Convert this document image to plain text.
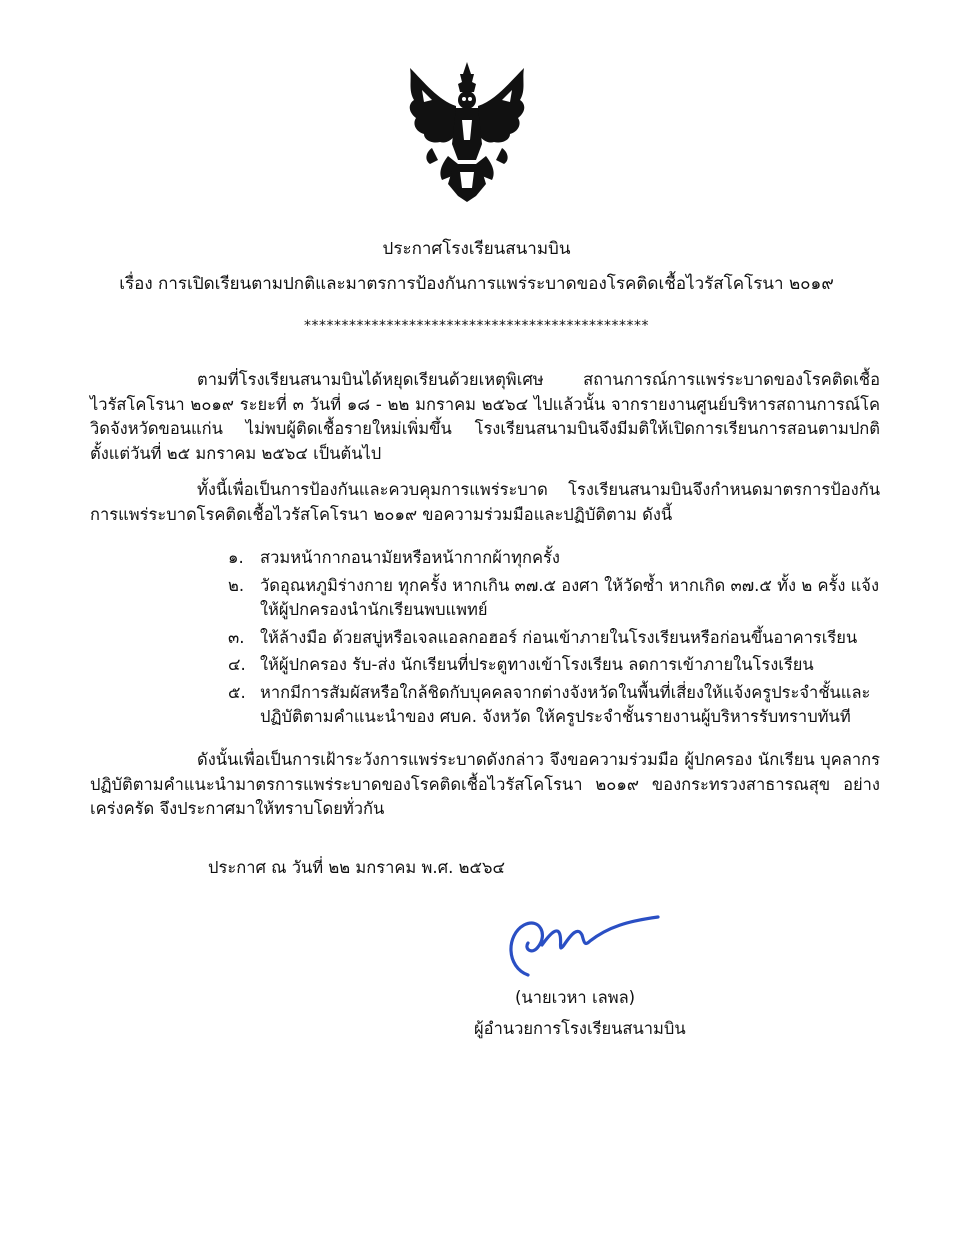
ประกาศโรงเรียนสนามบิน
เรื่อง การเปิดเรียนตามปกติและมาตรการป้องกันการแพร่ระบาดของโรคติดเชื้อไวรัสโคโรนา ๒๐๑๙
**********************************************
ตามที่โรงเรียนสนามบินได้หยุดเรียนด้วยเหตุพิเศษ สถานการณ์การแพร่ระบาดของโรคติดเชื้อไวรัสโคโรนา ๒๐๑๙ ระยะที่ ๓ วันที่ ๑๘ - ๒๒ มกราคม ๒๕๖๔ ไปแล้วนั้น จากรายงานศูนย์บริหารสถานการณ์โควิดจังหวัดขอนแก่น ไม่พบผู้ติดเชื้อรายใหม่เพิ่มขึ้น โรงเรียนสนามบินจึงมีมติให้เปิดการเรียนการสอนตามปกติ ตั้งแต่วันที่ ๒๕ มกราคม ๒๕๖๔ เป็นต้นไป
ทั้งนี้เพื่อเป็นการป้องกันและควบคุมการแพร่ระบาด โรงเรียนสนามบินจึงกำหนดมาตรการป้องกันการแพร่ระบาดโรคติดเชื้อไวรัสโคโรนา ๒๐๑๙ ขอความร่วมมือและปฏิบัติตาม ดังนี้
๑. สวมหน้ากากอนามัยหรือหน้ากากผ้าทุกครั้ง
๒. วัดอุณหภูมิร่างกาย ทุกครั้ง หากเกิน ๓๗.๕ องศา ให้วัดซ้ำ หากเกิด ๓๗.๕ ทั้ง ๒ ครั้ง แจ้งให้ผู้ปกครองนำนักเรียนพบแพทย์
๓. ให้ล้างมือ ด้วยสบู่หรือเจลแอลกอฮอร์ ก่อนเข้าภายในโรงเรียนหรือก่อนขึ้นอาคารเรียน
๔. ให้ผู้ปกครอง รับ-ส่ง นักเรียนที่ประตูทางเข้าโรงเรียน ลดการเข้าภายในโรงเรียน
๕. หากมีการสัมผัสหรือใกล้ชิดกับบุคคลจากต่างจังหวัดในพื้นที่เสี่ยงให้แจ้งครูประจำชั้นและปฏิบัติตามคำแนะนำของ ศบค. จังหวัด ให้ครูประจำชั้นรายงานผู้บริหารรับทราบทันที
ดังนั้นเพื่อเป็นการเฝ้าระวังการแพร่ระบาดดังกล่าว จึงขอความร่วมมือ ผู้ปกครอง นักเรียน บุคลากร ปฏิบัติตามคำแนะนำมาตรการแพร่ระบาดของโรคติดเชื้อไวรัสโคโรนา ๒๐๑๙ ของกระทรวงสาธารณสุข อย่างเคร่งครัด จึงประกาศมาให้ทราบโดยทั่วกัน
ประกาศ ณ วันที่ ๒๒ มกราคม พ.ศ. ๒๕๖๔
(นายเวหา เลพล)
ผู้อำนวยการโรงเรียนสนามบิน
